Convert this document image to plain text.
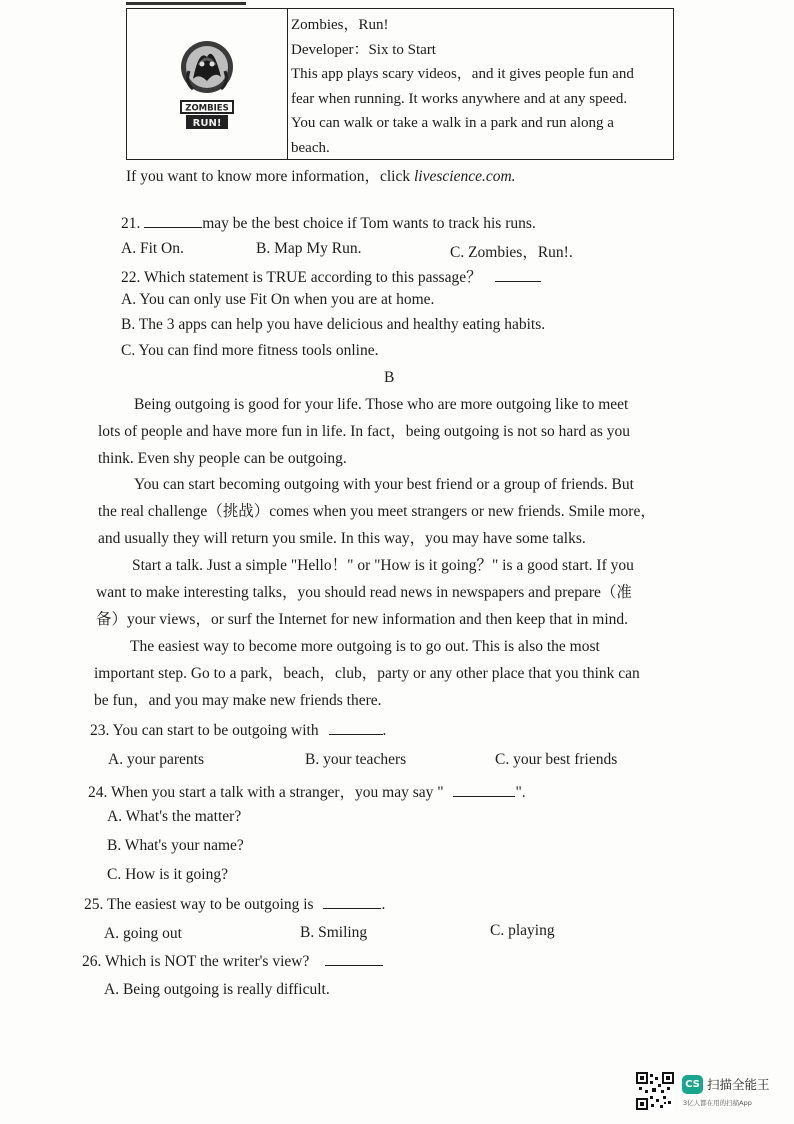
ZOMBIES
RUN!
Zombies，Run!
Developer：Six to Start
This app plays scary videos，and it gives people fun and
fear when running. It works anywhere and at any speed.
You can walk or take a walk in a park and run along a
beach.
If you want to know more information，click livescience.com.
21.	may be the best choice if Tom wants to track his runs.
A. Fit On.	B. Map My Run.	C. Zombies，Run!.
22. Which statement is TRUE according to this passage？
A. You can only use Fit On when you are at home.
B. The 3 apps can help you have delicious and healthy eating habits.
C. You can find more fitness tools online.
B
Being outgoing is good for your life. Those who are more outgoing like to meet
lots of people and have more fun in life. In fact，being outgoing is not so hard as you
think. Even shy people can be outgoing.
You can start becoming outgoing with your best friend or a group of friends. But
the real challenge（挑战）comes when you meet strangers or new friends. Smile more，
and usually they will return you smile. In this way，you may have some talks.
Start a talk. Just a simple "Hello！" or "How is it going？" is a good start. If you
want to make interesting talks，you should read news in newspapers and prepare（准
备）your views，or surf the Internet for new information and then keep that in mind.
The easiest way to become more outgoing is to go out. This is also the most
important step. Go to a park，beach，club，party or any other place that you think can
be fun，and you may make new friends there.
23. You can start to be outgoing with	.
A. your parents	B. your teachers	C. your best friends
24. When you start a talk with a stranger，you may say "	".
A. What's the matter?
B. What's your name?
C. How is it going?
25. The easiest way to be outgoing is	.
A. going out	B. Smiling	C. playing
26. Which is NOT the writer's view?
A. Being outgoing is really difficult.
CS 扫描全能王
3亿人都在用的扫描App
